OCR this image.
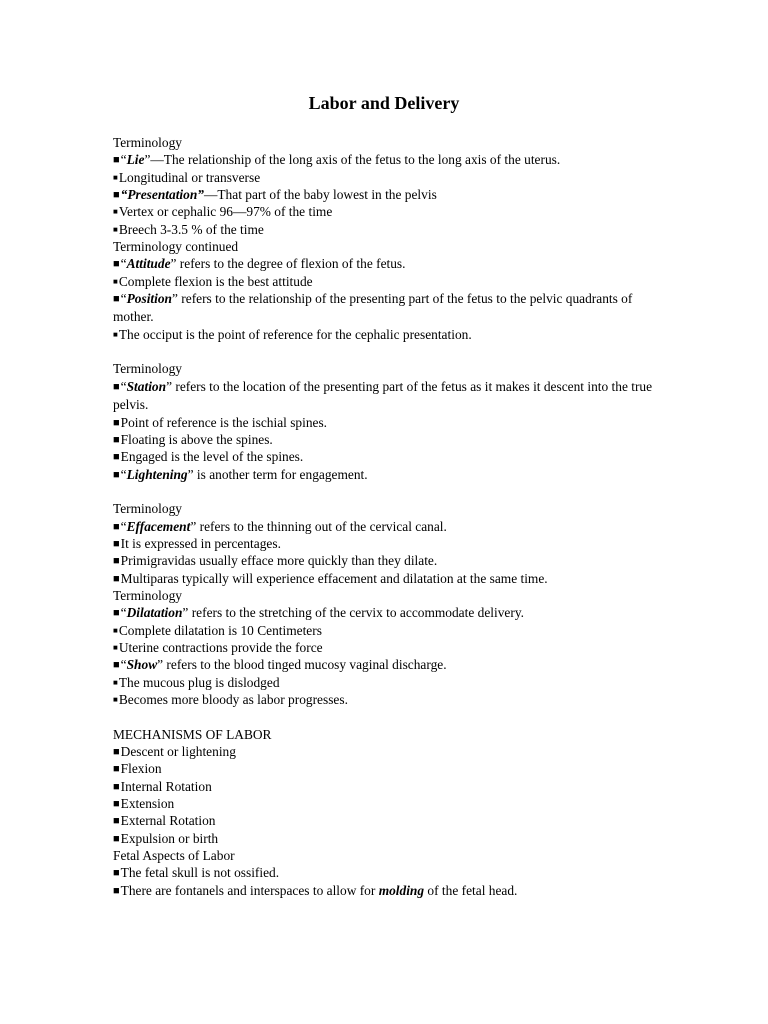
Labor and Delivery
Terminology
■“Lie”—The relationship of the long axis of the fetus to the long axis of the uterus.
■Longitudinal or transverse
■“Presentation”—That part of the baby lowest in the pelvis
■Vertex or cephalic 96—97% of the time
■Breech 3-3.5 % of the time
Terminology continued
■“Attitude” refers to the degree of flexion of the fetus.
■Complete flexion is the best attitude
■“Position” refers to the relationship of the presenting part of the fetus to the pelvic quadrants of mother.
■The occiput is the point of reference for the cephalic presentation.
Terminology
■“Station” refers to the location of the presenting part of the fetus as it makes it descent into the true pelvis.
■Point of reference is the ischial spines.
■Floating is above the spines.
■Engaged is the level of the spines.
■“Lightening” is another term for engagement.
Terminology
■“Effacement” refers to the thinning out of the cervical canal.
■It is expressed in percentages.
■Primigravidas usually efface more quickly than they dilate.
■Multiparas typically will experience effacement and dilatation at the same time.
Terminology
■“Dilatation” refers to the stretching of the cervix to accommodate delivery.
■Complete dilatation is 10 Centimeters
■Uterine contractions provide the force
■“Show” refers to the blood tinged mucosy vaginal discharge.
■The mucous plug is dislodged
■Becomes more bloody as labor progresses.
MECHANISMS OF LABOR
■Descent or lightening
■Flexion
■Internal Rotation
■Extension
■External Rotation
■Expulsion or birth
Fetal Aspects of Labor
■The fetal skull is not ossified.
■There are fontanels and interspaces to allow for molding of the fetal head.
